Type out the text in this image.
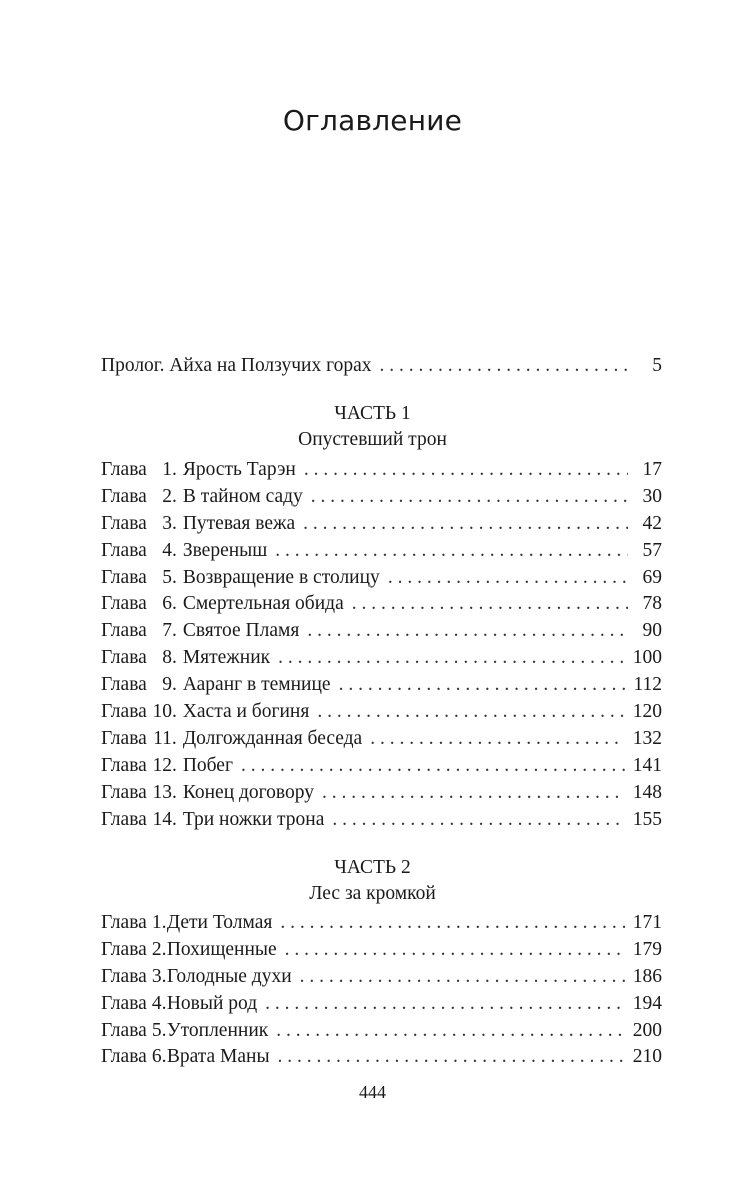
Оглавление
Пролог. Айха на Ползучих горах . . .	5
ЧАСТЬ 1
Опустевший трон
Глава 1. Ярость Тарэн . . .	17
Глава 2. В тайном саду . . .	30
Глава 3. Путевая вежа . . .	42
Глава 4. Звереныш . . .	57
Глава 5. Возвращение в столицу . . .	69
Глава 6. Смертельная обида . . .	78
Глава 7. Святое Пламя . . .	90
Глава 8. Мятежник . . .	100
Глава 9. Ааранг в темнице . . .	112
Глава 10. Хаста и богиня . . .	120
Глава 11. Долгожданная беседа . . .	132
Глава 12. Побег . . .	141
Глава 13. Конец договору . . .	148
Глава 14. Три ножки трона . . .	155
ЧАСТЬ 2
Лес за кромкой
Глава 1. Дети Толмая . . .	171
Глава 2. Похищенные . . .	179
Глава 3. Голодные духи . . .	186
Глава 4. Новый род . . .	194
Глава 5. Утопленник . . .	200
Глава 6. Врата Маны . . .	210
444
